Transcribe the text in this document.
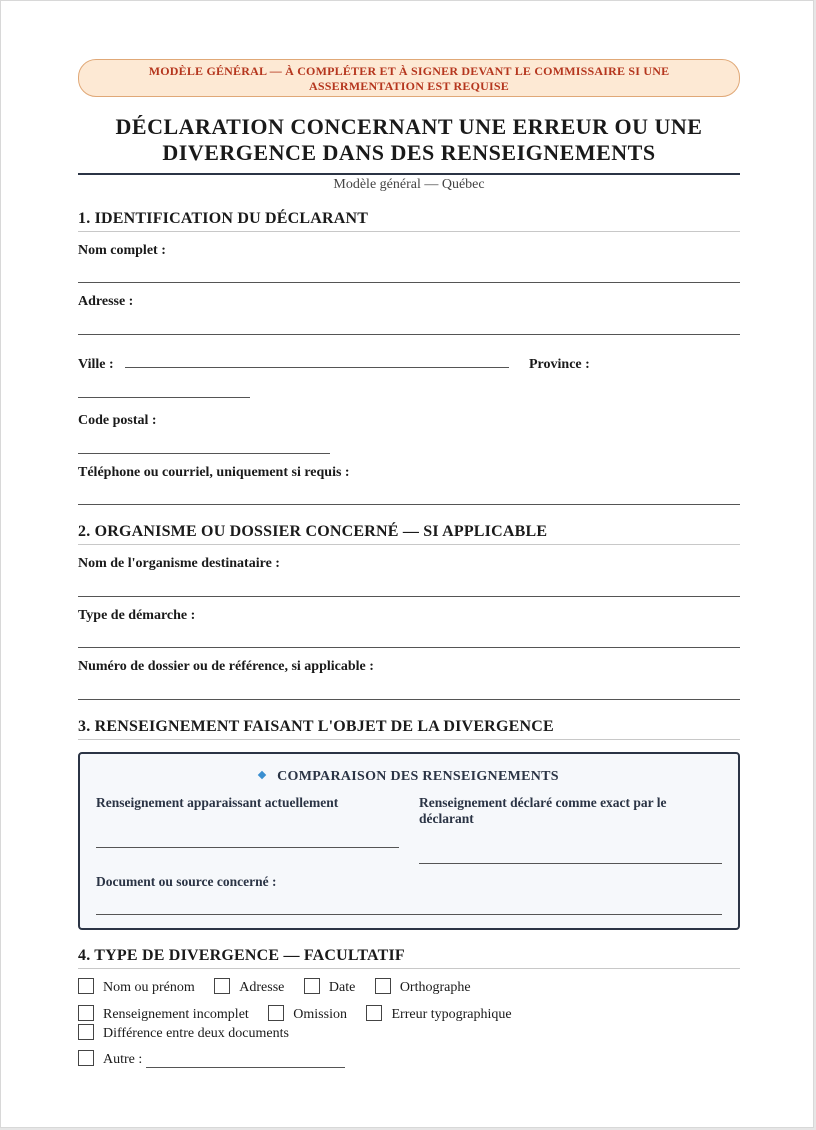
MODÈLE GÉNÉRAL — À COMPLÉTER ET À SIGNER DEVANT LE COMMISSAIRE SI UNE ASSERMENTATION EST REQUISE
DÉCLARATION CONCERNANT UNE ERREUR OU UNE DIVERGENCE DANS DES RENSEIGNEMENTS
Modèle général — Québec
1. IDENTIFICATION DU DÉCLARANT
Nom complet :
Adresse :
Ville :	Province :
Code postal :
Téléphone ou courriel, uniquement si requis :
2. ORGANISME OU DOSSIER CONCERNÉ — SI APPLICABLE
Nom de l'organisme destinataire :
Type de démarche :
Numéro de dossier ou de référence, si applicable :
3. RENSEIGNEMENT FAISANT L'OBJET DE LA DIVERGENCE
COMPARAISON DES RENSEIGNEMENTS
Renseignement apparaissant actuellement	Renseignement déclaré comme exact par le déclarant
Document ou source concerné :
4. TYPE DE DIVERGENCE — FACULTATIF
Nom ou prénom	Adresse	Date	Orthographe
Renseignement incomplet	Omission	Erreur typographique
Différence entre deux documents
Autre :
